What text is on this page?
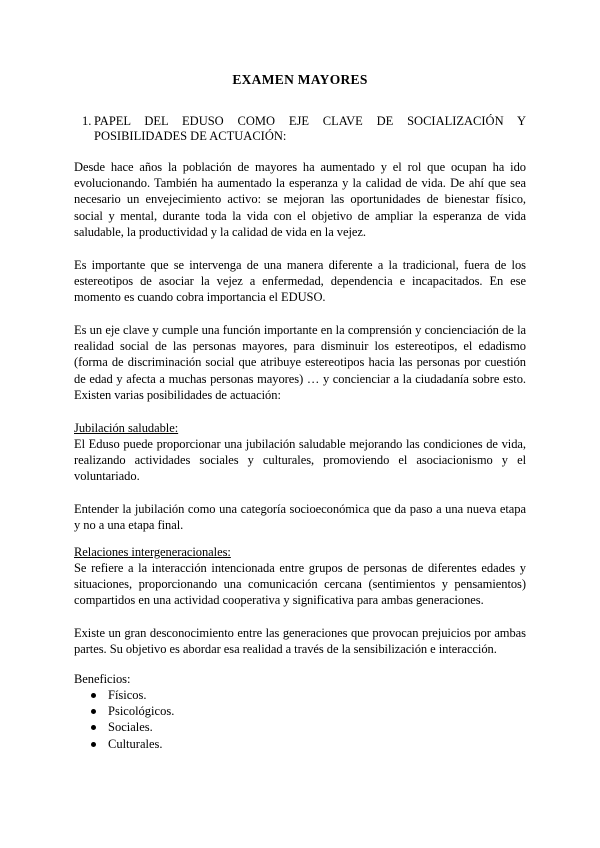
EXAMEN MAYORES
1. PAPEL DEL EDUSO COMO EJE CLAVE DE SOCIALIZACIÓN Y POSIBILIDADES DE ACTUACIÓN:

Desde hace años la población de mayores ha aumentado y el rol que ocupan ha ido evolucionando. También ha aumentado la esperanza y la calidad de vida. De ahí que sea necesario un envejecimiento activo: se mejoran las oportunidades de bienestar físico, social y mental, durante toda la vida con el objetivo de ampliar la esperanza de vida saludable, la productividad y la calidad de vida en la vejez.

Es importante que se intervenga de una manera diferente a la tradicional, fuera de los estereotipos de asociar la vejez a enfermedad, dependencia e incapacitados. En ese momento es cuando cobra importancia el EDUSO.

Es un eje clave y cumple una función importante en la comprensión y concienciación de la realidad social de las personas mayores, para disminuir los estereotipos, el edadismo (forma de discriminación social que atribuye estereotipos hacia las personas por cuestión de edad y afecta a muchas personas mayores) … y concienciar a la ciudadanía sobre esto. Existen varias posibilidades de actuación:

Jubilación saludable:

El Eduso puede proporcionar una jubilación saludable mejorando las condiciones de vida, realizando actividades sociales y culturales, promoviendo el asociacionismo y el voluntariado.

Entender la jubilación como una categoría socioeconómica que da paso a una nueva etapa y no a una etapa final.

Relaciones intergeneracionales:

Se refiere a la interacción intencionada entre grupos de personas de diferentes edades y situaciones, proporcionando una comunicación cercana (sentimientos y pensamientos) compartidos en una actividad cooperativa y significativa para ambas generaciones.

Existe un gran desconocimiento entre las generaciones que provocan prejuicios por ambas partes. Su objetivo es abordar esa realidad a través de la sensibilización e interacción.

Beneficios:

Físicos.
Psicológicos.
Sociales.
Culturales.
